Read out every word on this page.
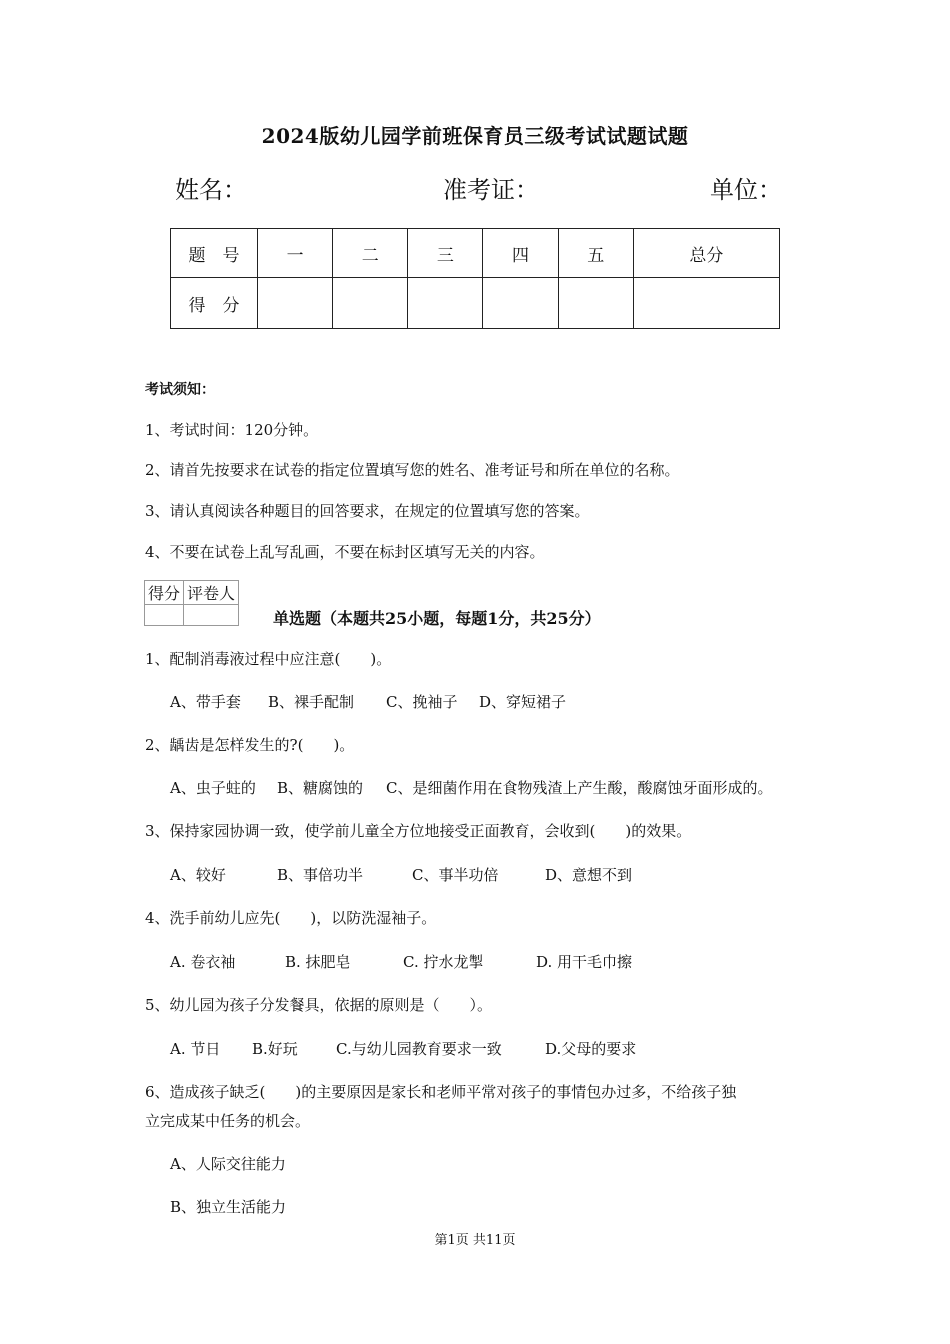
2024版幼儿园学前班保育员三级考试试题试题
姓名：	准考证：	单位：
题　号	一	二	三	四	五	总分
得　分						
考试须知：
1、考试时间：120分钟。
2、请首先按要求在试卷的指定位置填写您的姓名、准考证号和所在单位的名称。
3、请认真阅读各种题目的回答要求，在规定的位置填写您的答案。
4、不要在试卷上乱写乱画，不要在标封区填写无关的内容。
得分	评卷人

单选题（本题共25小题，每题1分，共25分）
1、配制消毒液过程中应注意(　　)。
A、带手套 B、裸手配制 C、挽袖子 D、穿短裙子
2、龋齿是怎样发生的?(　　)。
A、虫子蛀的 B、糖腐蚀的 C、是细菌作用在食物残渣上产生酸，酸腐蚀牙面形成的。
3、保持家园协调一致，使学前儿童全方位地接受正面教育，会收到(　　)的效果。
A、较好	B、事倍功半	C、事半功倍	D、意想不到
4、洗手前幼儿应先(　　)，以防洗湿袖子。
A. 卷衣袖	B. 抹肥皂	C. 拧水龙掣	D. 用干毛巾擦
5、幼儿园为孩子分发餐具，依据的原则是（　　）。
A. 节日 B.好玩	C.与幼儿园教育要求一致	D.父母的要求
6、造成孩子缺乏(　　)的主要原因是家长和老师平常对孩子的事情包办过多，不给孩子独
立完成某中任务的机会。
A、人际交往能力
B、独立生活能力
第1页 共11页
